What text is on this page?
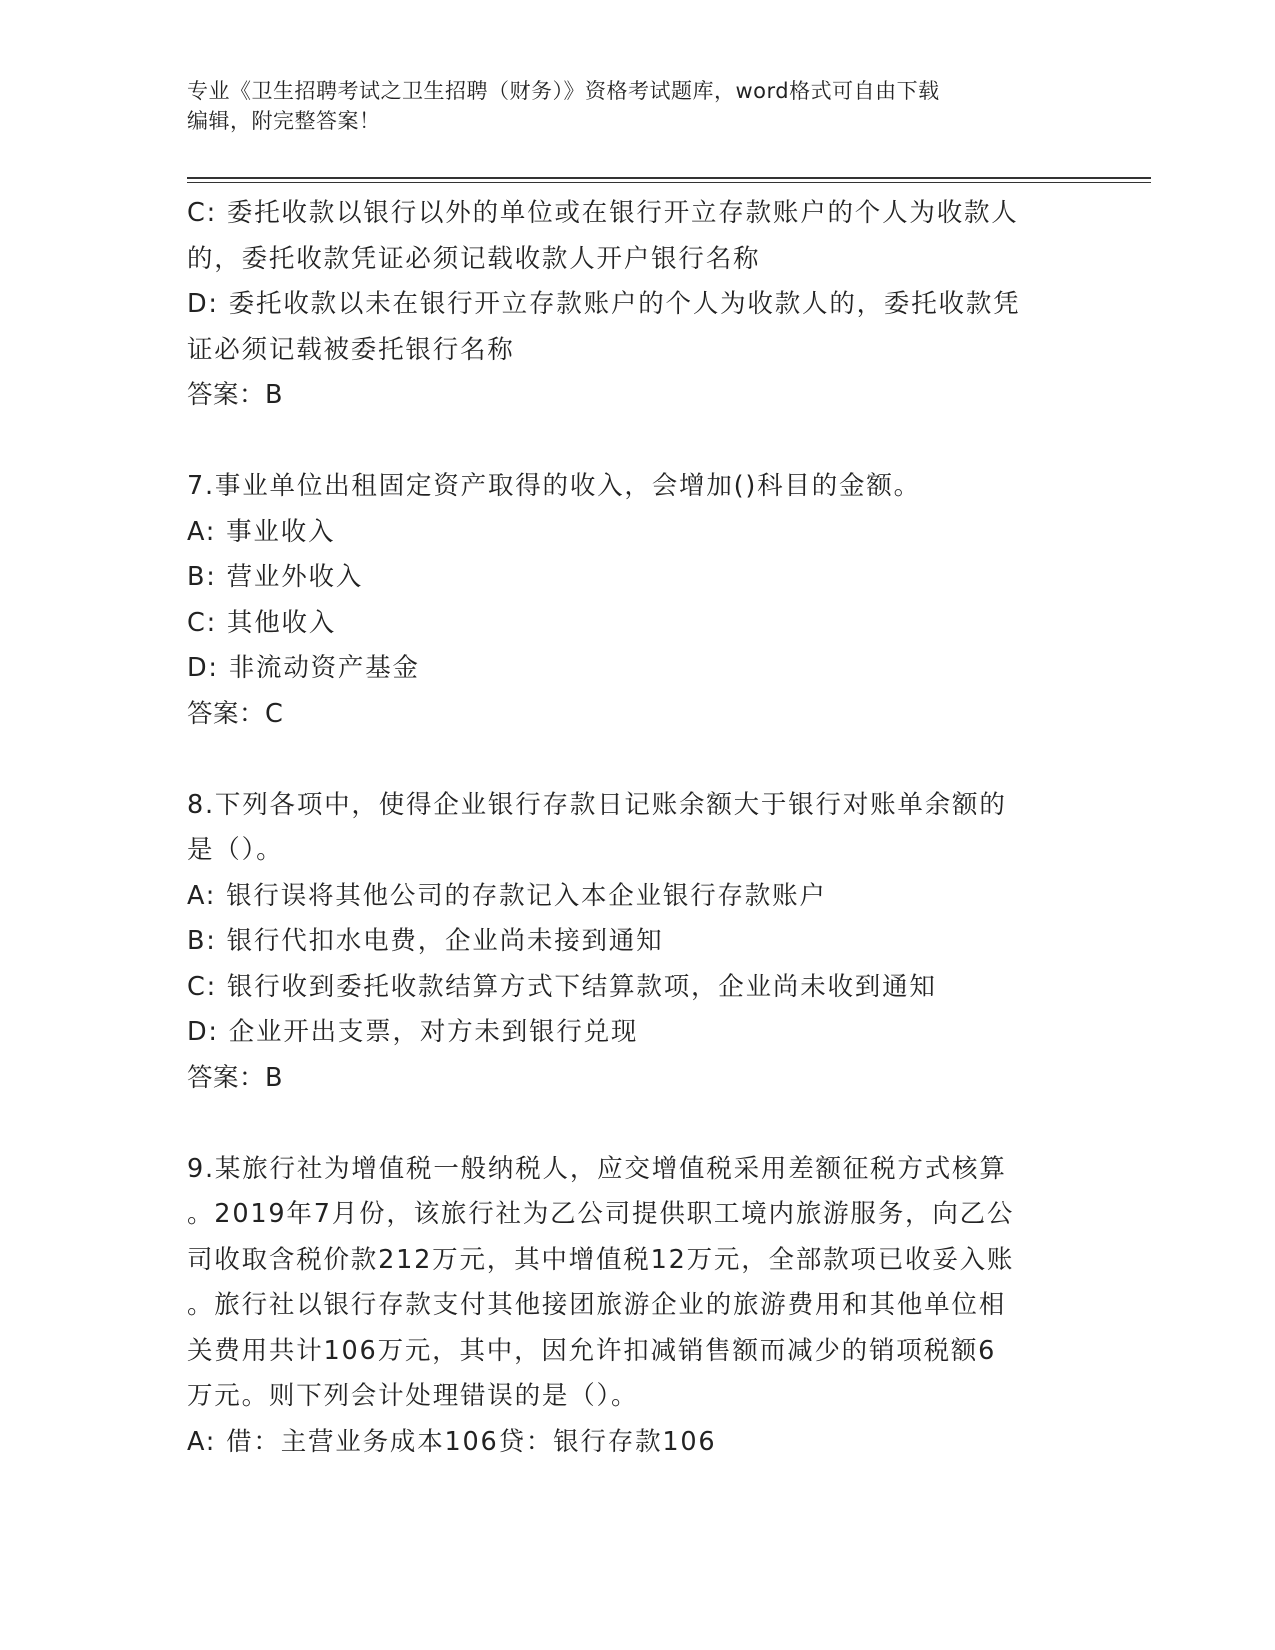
专业《卫生招聘考试之卫生招聘（财务）》资格考试题库，word格式可自由下载
编辑，附完整答案！
C: 委托收款以银行以外的单位或在银行开立存款账户的个人为收款人
的，委托收款凭证必须记载收款人开户银行名称
D: 委托收款以未在银行开立存款账户的个人为收款人的，委托收款凭
证必须记载被委托银行名称
答案：B
7.事业单位出租固定资产取得的收入，会增加()科目的金额。
A: 事业收入
B: 营业外收入
C: 其他收入
D: 非流动资产基金
答案：C
8.下列各项中，使得企业银行存款日记账余额大于银行对账单余额的
是（）。
A: 银行误将其他公司的存款记入本企业银行存款账户
B: 银行代扣水电费，企业尚未接到通知
C: 银行收到委托收款结算方式下结算款项，企业尚未收到通知
D: 企业开出支票，对方未到银行兑现
答案：B
9.某旅行社为增值税一般纳税人，应交增值税采用差额征税方式核算
。2019年7月份，该旅行社为乙公司提供职工境内旅游服务，向乙公
司收取含税价款212万元，其中增值税12万元，全部款项已收妥入账
。旅行社以银行存款支付其他接团旅游企业的旅游费用和其他单位相
关费用共计106万元，其中，因允许扣减销售额而减少的销项税额6
万元。则下列会计处理错误的是（）。
A: 借：主营业务成本106贷：银行存款106
